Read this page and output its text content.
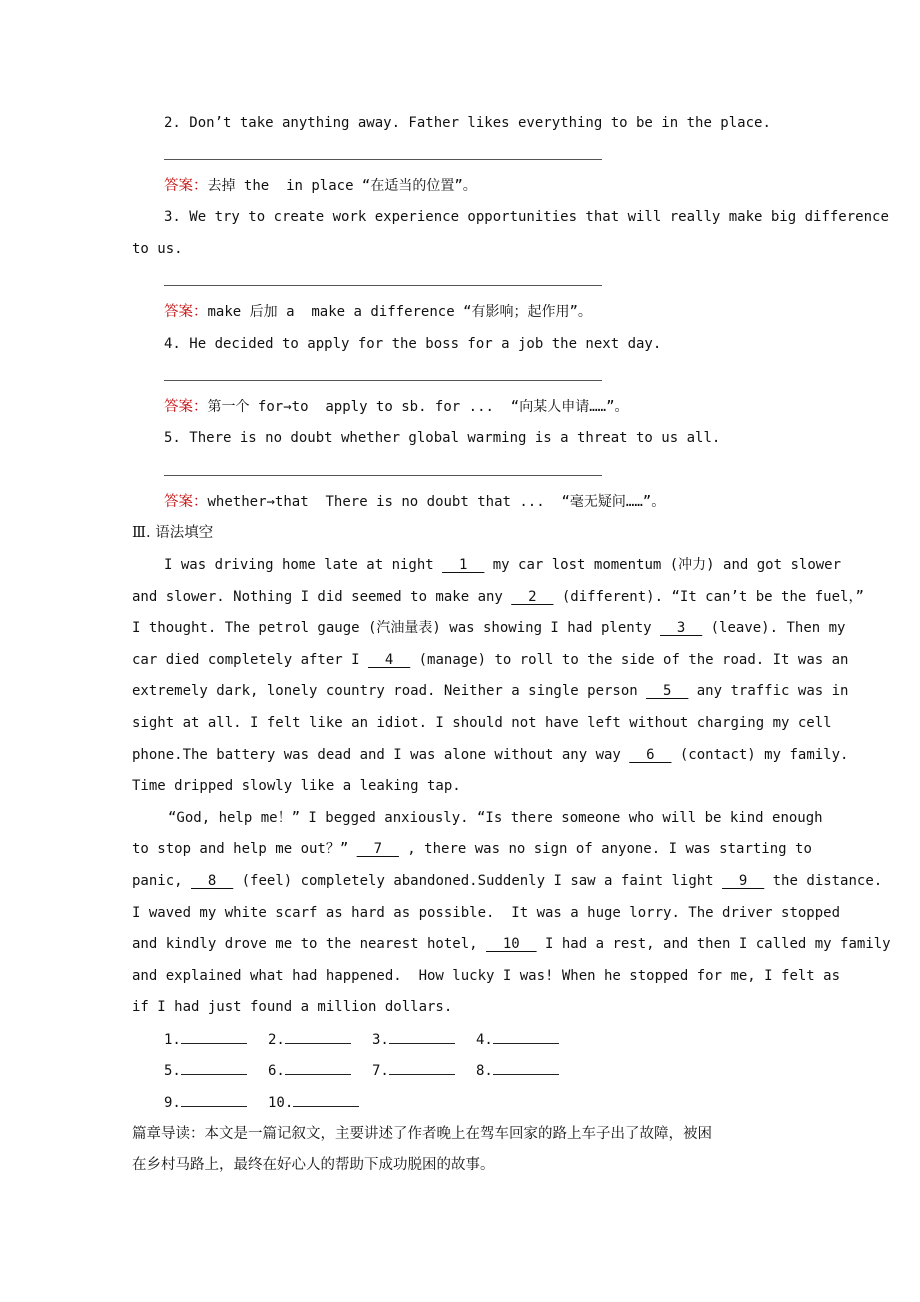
2. Don’t take anything away. Father likes everything to be in the place.
答案：去掉 the  in place “在适当的位置”。
3. We try to create work experience opportunities that will really make big difference
to us.
答案：make 后加 a  make a difference “有影响；起作用”。
4. He decided to apply for the boss for a job the next day.
答案：第一个 for→to  apply to sb. for ...  “向某人申请……”。
5. There is no doubt whether global warming is a threat to us all.
答案：whether→that  There is no doubt that ...  “毫无疑问……”。
Ⅲ. 语法填空
I was driving home late at night __1__ my car lost momentum (冲力) and got slower
and slower. Nothing I did seemed to make any __2__ (different). “It can’t be the fuel，”
I thought. The petrol gauge (汽油量表) was showing I had plenty __3__ (leave). Then my
car died completely after I __4__ (manage) to roll to the side of the road. It was an
extremely dark, lonely country road. Neither a single person __5__ any traffic was in
sight at all. I felt like an idiot. I should not have left without charging my cell
phone.The battery was dead and I was alone without any way __6__ (contact) my family.
Time dripped slowly like a leaking tap.
“God, help me！” I begged anxiously. “Is there someone who will be kind enough
to stop and help me out？” __7__ , there was no sign of anyone. I was starting to
panic, __8__ (feel) completely abandoned.Suddenly I saw a faint light __9__ the distance.
I waved my white scarf as hard as possible.  It was a huge lorry. The driver stopped
and kindly drove me to the nearest hotel, __10__ I had a rest, and then I called my family
and explained what had happened.  How lucky I was! When he stopped for me, I felt as
if I had just found a million dollars.
1.	2.	3.	4.
5.	6.	7.	8.
9.	10.
篇章导读：本文是一篇记叙文，主要讲述了作者晚上在驾车回家的路上车子出了故障，被困
在乡村马路上，最终在好心人的帮助下成功脱困的故事。
